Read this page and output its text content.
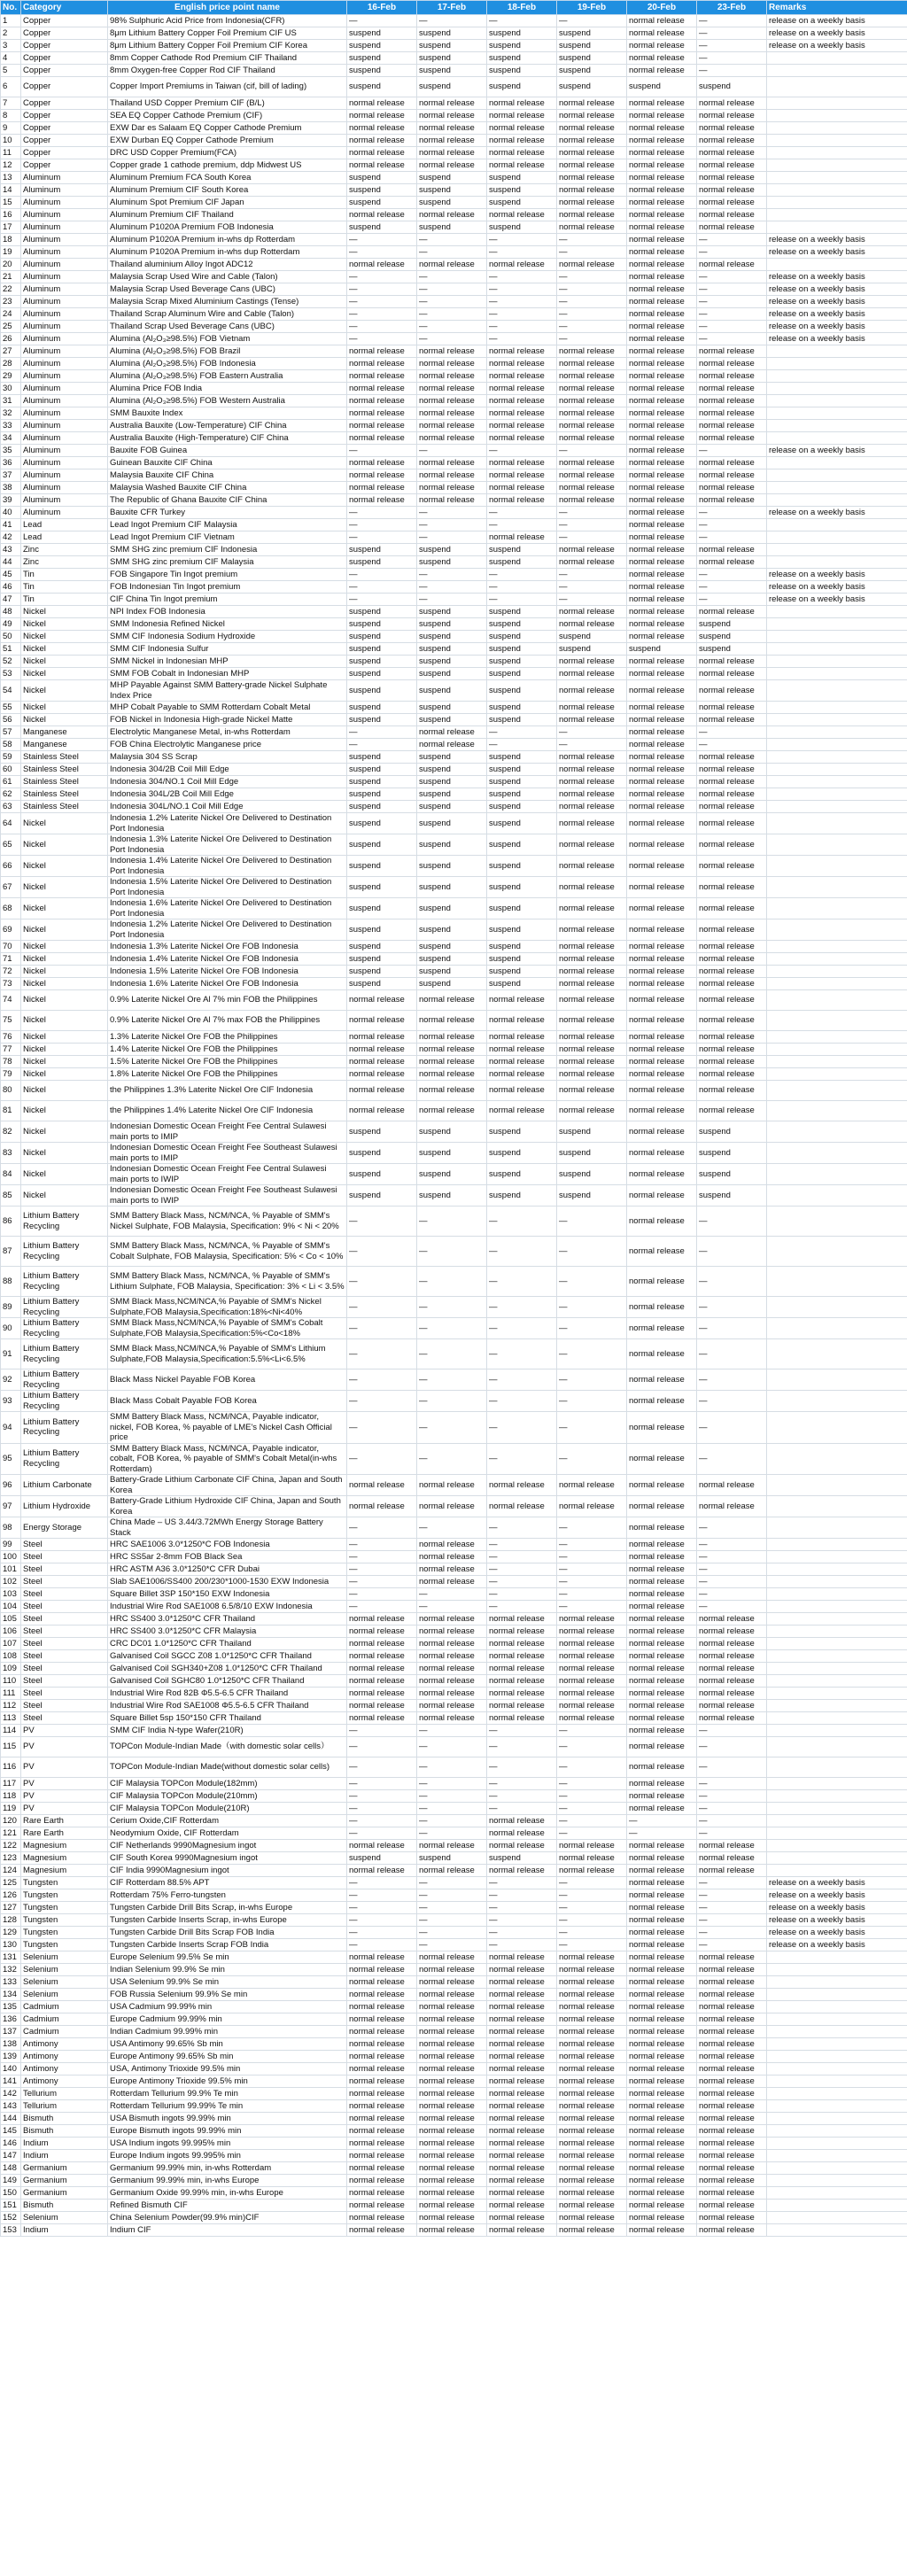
No.	Category	English price point name	16-Feb	17-Feb	18-Feb	19-Feb	20-Feb	23-Feb	Remarks
1	Copper	98% Sulphuric Acid Price from Indonesia(CFR)	—	—	—	—	normal release	—	release on a weekly basis
2	Copper	8μm Lithium Battery Copper Foil Premium CIF US	suspend	suspend	suspend	suspend	normal release	—	release on a weekly basis
3	Copper	8μm Lithium Battery Copper Foil Premium CIF Korea	suspend	suspend	suspend	suspend	normal release	—	release on a weekly basis
4	Copper	8mm Copper Cathode Rod Premium CIF Thailand	suspend	suspend	suspend	suspend	normal release	—	
5	Copper	8mm Oxygen-free Copper Rod CIF Thailand	suspend	suspend	suspend	suspend	normal release	—	
6	Copper	Copper Import Premiums in Taiwan (cif, bill of lading)	suspend	suspend	suspend	suspend	suspend	suspend	
7	Copper	Thailand USD Copper Premium CIF (B/L)	normal release	normal release	normal release	normal release	normal release	normal release	
8	Copper	SEA EQ Copper Cathode Premium (CIF)	normal release	normal release	normal release	normal release	normal release	normal release	
9	Copper	EXW Dar es Salaam EQ Copper Cathode Premium	normal release	normal release	normal release	normal release	normal release	normal release	
10	Copper	EXW Durban EQ Copper Cathode Premium	normal release	normal release	normal release	normal release	normal release	normal release	
11	Copper	DRC USD Copper Premium(FCA)	normal release	normal release	normal release	normal release	normal release	normal release	
12	Copper	Copper grade 1 cathode premium, ddp Midwest US	normal release	normal release	normal release	normal release	normal release	normal release	
13	Aluminum	Aluminum Premium FCA South Korea	suspend	suspend	suspend	normal release	normal release	normal release	
14	Aluminum	Aluminum Premium CIF South Korea	suspend	suspend	suspend	normal release	normal release	normal release	
15	Aluminum	Aluminum Spot Premium CIF Japan	suspend	suspend	suspend	normal release	normal release	normal release	
16	Aluminum	Aluminum Premium CIF Thailand	normal release	normal release	normal release	normal release	normal release	normal release	
17	Aluminum	Aluminum P1020A Premium FOB Indonesia	suspend	suspend	suspend	normal release	normal release	normal release	
18	Aluminum	Aluminum P1020A Premium in-whs dp Rotterdam	—	—	—	—	normal release	—	release on a weekly basis
19	Aluminum	Aluminum P1020A Premium in-whs dup Rotterdam	—	—	—	—	normal release	—	release on a weekly basis
20	Aluminum	Thailand aluminium Alloy Ingot ADC12	normal release	normal release	normal release	normal release	normal release	normal release	
21	Aluminum	Malaysia Scrap Used Wire and Cable (Talon)	—	—	—	—	normal release	—	release on a weekly basis
22	Aluminum	Malaysia Scrap Used Beverage Cans (UBC)	—	—	—	—	normal release	—	release on a weekly basis
23	Aluminum	Malaysia Scrap Mixed Aluminium Castings (Tense)	—	—	—	—	normal release	—	release on a weekly basis
24	Aluminum	Thailand Scrap Aluminum Wire and Cable (Talon)	—	—	—	—	normal release	—	release on a weekly basis
25	Aluminum	Thailand Scrap Used Beverage Cans (UBC)	—	—	—	—	normal release	—	release on a weekly basis
26	Aluminum	Alumina (Al₂O₃≥98.5%) FOB Vietnam	—	—	—	—	normal release	—	release on a weekly basis
27	Aluminum	Alumina (Al₂O₃≥98.5%) FOB Brazil	normal release	normal release	normal release	normal release	normal release	normal release	
28	Aluminum	Alumina (Al₂O₃≥98.5%) FOB Indonesia	normal release	normal release	normal release	normal release	normal release	normal release	
29	Aluminum	Alumina (Al₂O₃≥98.5%) FOB Eastern Australia	normal release	normal release	normal release	normal release	normal release	normal release	
30	Aluminum	Alumina Price FOB India	normal release	normal release	normal release	normal release	normal release	normal release	
31	Aluminum	Alumina (Al₂O₃≥98.5%) FOB Western Australia	normal release	normal release	normal release	normal release	normal release	normal release	
32	Aluminum	SMM Bauxite Index	normal release	normal release	normal release	normal release	normal release	normal release	
33	Aluminum	Australia Bauxite (Low-Temperature) CIF China	normal release	normal release	normal release	normal release	normal release	normal release	
34	Aluminum	Australia Bauxite (High-Temperature) CIF China	normal release	normal release	normal release	normal release	normal release	normal release	
35	Aluminum	Bauxite FOB Guinea	—	—	—	—	normal release	—	release on a weekly basis
36	Aluminum	Guinean Bauxite CIF China	normal release	normal release	normal release	normal release	normal release	normal release	
37	Aluminum	Malaysia Bauxite CIF China	normal release	normal release	normal release	normal release	normal release	normal release	
38	Aluminum	Malaysia Washed Bauxite CIF China	normal release	normal release	normal release	normal release	normal release	normal release	
39	Aluminum	The Republic of Ghana Bauxite CIF China	normal release	normal release	normal release	normal release	normal release	normal release	
40	Aluminum	Bauxite CFR Turkey	—	—	—	—	normal release	—	release on a weekly basis
41	Lead	Lead Ingot Premium CIF Malaysia	—	—	—	—	normal release	—	
42	Lead	Lead Ingot Premium CIF Vietnam	—	—	normal release	—	normal release	—	
43	Zinc	SMM SHG zinc premium CIF Indonesia	suspend	suspend	suspend	normal release	normal release	normal release	
44	Zinc	SMM SHG zinc premium CIF Malaysia	suspend	suspend	suspend	normal release	normal release	normal release	
45	Tin	FOB Singapore Tin Ingot premium	—	—	—	—	normal release	—	release on a weekly basis
46	Tin	FOB Indonesian Tin Ingot premium	—	—	—	—	normal release	—	release on a weekly basis
47	Tin	CIF China Tin Ingot premium	—	—	—	—	normal release	—	release on a weekly basis
48	Nickel	NPI Index FOB Indonesia	suspend	suspend	suspend	normal release	normal release	normal release	
49	Nickel	SMM Indonesia Refined Nickel	suspend	suspend	suspend	normal release	normal release	suspend	
50	Nickel	SMM CIF Indonesia Sodium Hydroxide	suspend	suspend	suspend	suspend	normal release	suspend	
51	Nickel	SMM CIF Indonesia Sulfur	suspend	suspend	suspend	suspend	suspend	suspend	
52	Nickel	SMM Nickel in Indonesian MHP	suspend	suspend	suspend	normal release	normal release	normal release	
53	Nickel	SMM FOB Cobalt in Indonesian MHP	suspend	suspend	suspend	normal release	normal release	normal release	
54	Nickel	MHP Payable Against SMM Battery-grade Nickel Sulphate Index Price	suspend	suspend	suspend	normal release	normal release	normal release	
55	Nickel	MHP Cobalt Payable to SMM Rotterdam Cobalt Metal	suspend	suspend	suspend	normal release	normal release	normal release	
56	Nickel	FOB Nickel in Indonesia High-grade Nickel Matte	suspend	suspend	suspend	normal release	normal release	normal release	
57	Manganese	Electrolytic Manganese Metal, in-whs Rotterdam	—	normal release	—	—	normal release	—	
58	Manganese	FOB China Electrolytic Manganese price	—	normal release	—	—	normal release	—	
59	Stainless Steel	Malaysia 304 SS Scrap	suspend	suspend	suspend	normal release	normal release	normal release	
60	Stainless Steel	Indonesia 304/2B Coil Mill Edge	suspend	suspend	suspend	normal release	normal release	normal release	
61	Stainless Steel	Indonesia 304/NO.1 Coil Mill Edge	suspend	suspend	suspend	normal release	normal release	normal release	
62	Stainless Steel	Indonesia 304L/2B Coil Mill Edge	suspend	suspend	suspend	normal release	normal release	normal release	
63	Stainless Steel	Indonesia 304L/NO.1 Coil Mill Edge	suspend	suspend	suspend	normal release	normal release	normal release	
64	Nickel	Indonesia 1.2% Laterite Nickel Ore Delivered to Destination Port Indonesia	suspend	suspend	suspend	normal release	normal release	normal release	
65	Nickel	Indonesia 1.3% Laterite Nickel Ore Delivered to Destination Port Indonesia	suspend	suspend	suspend	normal release	normal release	normal release	
66	Nickel	Indonesia 1.4% Laterite Nickel Ore Delivered to Destination Port Indonesia	suspend	suspend	suspend	normal release	normal release	normal release	
67	Nickel	Indonesia 1.5% Laterite Nickel Ore Delivered to Destination Port Indonesia	suspend	suspend	suspend	normal release	normal release	normal release	
68	Nickel	Indonesia 1.6% Laterite Nickel Ore Delivered to Destination Port Indonesia	suspend	suspend	suspend	normal release	normal release	normal release	
69	Nickel	Indonesia 1.2% Laterite Nickel Ore Delivered to Destination Port Indonesia	suspend	suspend	suspend	normal release	normal release	normal release	
70	Nickel	Indonesia 1.3% Laterite Nickel Ore FOB Indonesia	suspend	suspend	suspend	normal release	normal release	normal release	
71	Nickel	Indonesia 1.4% Laterite Nickel Ore FOB Indonesia	suspend	suspend	suspend	normal release	normal release	normal release	
72	Nickel	Indonesia 1.5% Laterite Nickel Ore FOB Indonesia	suspend	suspend	suspend	normal release	normal release	normal release	
73	Nickel	Indonesia 1.6% Laterite Nickel Ore FOB Indonesia	suspend	suspend	suspend	normal release	normal release	normal release	
74	Nickel	0.9% Laterite Nickel Ore Al 7% min FOB the Philippines	normal release	normal release	normal release	normal release	normal release	normal release	
75	Nickel	0.9% Laterite Nickel Ore Al 7% max FOB the Philippines	normal release	normal release	normal release	normal release	normal release	normal release	
76	Nickel	1.3% Laterite Nickel Ore FOB the Philippines	normal release	normal release	normal release	normal release	normal release	normal release	
77	Nickel	1.4% Laterite Nickel Ore FOB the Philippines	normal release	normal release	normal release	normal release	normal release	normal release	
78	Nickel	1.5% Laterite Nickel Ore FOB the Philippines	normal release	normal release	normal release	normal release	normal release	normal release	
79	Nickel	1.8% Laterite Nickel Ore FOB the Philippines	normal release	normal release	normal release	normal release	normal release	normal release	
80	Nickel	the Philippines 1.3% Laterite Nickel Ore CIF Indonesia	normal release	normal release	normal release	normal release	normal release	normal release	
81	Nickel	the Philippines 1.4% Laterite Nickel Ore CIF Indonesia	normal release	normal release	normal release	normal release	normal release	normal release	
82	Nickel	Indonesian Domestic Ocean Freight Fee Central Sulawesi main ports to IMIP	suspend	suspend	suspend	suspend	normal release	suspend	
83	Nickel	Indonesian Domestic Ocean Freight Fee Southeast Sulawesi main ports to IMIP	suspend	suspend	suspend	suspend	normal release	suspend	
84	Nickel	Indonesian Domestic Ocean Freight Fee Central Sulawesi main ports to IWIP	suspend	suspend	suspend	suspend	normal release	suspend	
85	Nickel	Indonesian Domestic Ocean Freight Fee Southeast Sulawesi main ports to IWIP	suspend	suspend	suspend	suspend	normal release	suspend	
86	Lithium Battery Recycling	SMM Battery Black Mass, NCM/NCA, % Payable of SMM's Nickel Sulphate, FOB Malaysia, Specification: 9% < Ni < 20%	—	—	—	—	normal release	—	
87	Lithium Battery Recycling	SMM Battery Black Mass, NCM/NCA, % Payable of SMM's Cobalt Sulphate, FOB Malaysia, Specification: 5% < Co < 10%	—	—	—	—	normal release	—	
88	Lithium Battery Recycling	SMM Battery Black Mass, NCM/NCA, % Payable of SMM's Lithium Sulphate, FOB Malaysia, Specification: 3% < Li < 3.5%	—	—	—	—	normal release	—	
89	Lithium Battery Recycling	SMM Black Mass,NCM/NCA,% Payable of SMM's Nickel Sulphate,FOB Malaysia,Specification:18%<Ni<40%	—	—	—	—	normal release	—	
90	Lithium Battery Recycling	SMM Black Mass,NCM/NCA,% Payable of SMM's Cobalt Sulphate,FOB Malaysia,Specification:5%<Co<18%	—	—	—	—	normal release	—	
91	Lithium Battery Recycling	SMM Black Mass,NCM/NCA,% Payable of SMM's Lithium Sulphate,FOB Malaysia,Specification:5.5%<Li<6.5%	—	—	—	—	normal release	—	
92	Lithium Battery Recycling	Black Mass Nickel Payable FOB Korea	—	—	—	—	normal release	—	
93	Lithium Battery Recycling	Black Mass Cobalt Payable FOB Korea	—	—	—	—	normal release	—	
94	Lithium Battery Recycling	SMM Battery Black Mass, NCM/NCA, Payable indicator, nickel, FOB Korea, % payable of LME's Nickel Cash Official price	—	—	—	—	normal release	—	
95	Lithium Battery Recycling	SMM Battery Black Mass, NCM/NCA, Payable indicator, cobalt, FOB Korea, % payable of SMM's Cobalt Metal(in-whs Rotterdam)	—	—	—	—	normal release	—	
96	Lithium Carbonate	Battery-Grade Lithium Carbonate CIF China, Japan and South Korea	normal release	normal release	normal release	normal release	normal release	normal release	
97	Lithium Hydroxide	Battery-Grade Lithium Hydroxide CIF China, Japan and South Korea	normal release	normal release	normal release	normal release	normal release	normal release	
98	Energy Storage	China Made – US 3.44/3.72MWh Energy Storage Battery Stack	—	—	—	—	normal release	—	
99	Steel	HRC SAE1006 3.0*1250*C FOB Indonesia	—	normal release	—	—	normal release	—	
100	Steel	HRC SS5ar 2-8mm FOB Black Sea	—	normal release	—	—	normal release	—	
101	Steel	HRC ASTM A36 3.0*1250*C CFR Dubai	—	normal release	—	—	normal release	—	
102	Steel	Slab SAE1006/SS400 200/230*1000-1530 EXW Indonesia	—	normal release	—	—	normal release	—	
103	Steel	Square Billet 3SP 150*150 EXW Indonesia	—	—	—	—	normal release	—	
104	Steel	Industrial Wire Rod SAE1008 6.5/8/10 EXW Indonesia	—	—	—	—	normal release	—	
105	Steel	HRC SS400 3.0*1250*C CFR Thailand	normal release	normal release	normal release	normal release	normal release	normal release	
106	Steel	HRC SS400 3.0*1250*C CFR Malaysia	normal release	normal release	normal release	normal release	normal release	normal release	
107	Steel	CRC DC01 1.0*1250*C CFR Thailand	normal release	normal release	normal release	normal release	normal release	normal release	
108	Steel	Galvanised Coil SGCC Z08 1.0*1250*C CFR Thailand	normal release	normal release	normal release	normal release	normal release	normal release	
109	Steel	Galvanised Coil SGH340+Z08 1.0*1250*C CFR Thailand	normal release	normal release	normal release	normal release	normal release	normal release	
110	Steel	Galvanised Coil SGHC80 1.0*1250*C CFR Thailand	normal release	normal release	normal release	normal release	normal release	normal release	
111	Steel	Industrial Wire Rod 82B Φ5.5-6.5 CFR Thailand	normal release	normal release	normal release	normal release	normal release	normal release	
112	Steel	Industrial Wire Rod SAE1008 Φ5.5-6.5 CFR Thailand	normal release	normal release	normal release	normal release	normal release	normal release	
113	Steel	Square Billet 5sp 150*150 CFR Thailand	normal release	normal release	normal release	normal release	normal release	normal release	
114	PV	SMM CIF India N-type Wafer(210R)	—	—	—	—	normal release	—	
115	PV	TOPCon Module-Indian Made（with domestic solar cells）	—	—	—	—	normal release	—	
116	PV	TOPCon Module-Indian Made(without domestic solar cells)	—	—	—	—	normal release	—	
117	PV	CIF Malaysia TOPCon Module(182mm)	—	—	—	—	normal release	—	
118	PV	CIF Malaysia TOPCon Module(210mm)	—	—	—	—	normal release	—	
119	PV	CIF Malaysia TOPCon Module(210R)	—	—	—	—	normal release	—	
120	Rare Earth	Cerium Oxide,CIF Rotterdam	—	—	normal release	—	—	—	
121	Rare Earth	Neodymium Oxide, CIF Rotterdam	—	—	normal release	—	—	—	
122	Magnesium	CIF Netherlands 9990Magnesium ingot	normal release	normal release	normal release	normal release	normal release	normal release	
123	Magnesium	CIF South Korea 9990Magnesium ingot	suspend	suspend	suspend	normal release	normal release	normal release	
124	Magnesium	CIF India 9990Magnesium ingot	normal release	normal release	normal release	normal release	normal release	normal release	
125	Tungsten	CIF Rotterdam 88.5% APT	—	—	—	—	normal release	—	release on a weekly basis
126	Tungsten	Rotterdam 75% Ferro-tungsten	—	—	—	—	normal release	—	release on a weekly basis
127	Tungsten	Tungsten Carbide Drill Bits Scrap, in-whs Europe	—	—	—	—	normal release	—	release on a weekly basis
128	Tungsten	Tungsten Carbide Inserts Scrap, in-whs Europe	—	—	—	—	normal release	—	release on a weekly basis
129	Tungsten	Tungsten Carbide Drill Bits Scrap FOB India	—	—	—	—	normal release	—	release on a weekly basis
130	Tungsten	Tungsten Carbide Inserts Scrap FOB India	—	—	—	—	normal release	—	release on a weekly basis
131	Selenium	Europe Selenium 99.5% Se min	normal release	normal release	normal release	normal release	normal release	normal release	
132	Selenium	Indian Selenium 99.9% Se min	normal release	normal release	normal release	normal release	normal release	normal release	
133	Selenium	USA Selenium 99.9% Se min	normal release	normal release	normal release	normal release	normal release	normal release	
134	Selenium	FOB Russia Selenium 99.9% Se min	normal release	normal release	normal release	normal release	normal release	normal release	
135	Cadmium	USA Cadmium 99.99% min	normal release	normal release	normal release	normal release	normal release	normal release	
136	Cadmium	Europe Cadmium 99.99% min	normal release	normal release	normal release	normal release	normal release	normal release	
137	Cadmium	Indian Cadmium 99.99% min	normal release	normal release	normal release	normal release	normal release	normal release	
138	Antimony	USA Antimony 99.65% Sb min	normal release	normal release	normal release	normal release	normal release	normal release	
139	Antimony	Europe Antimony 99.65% Sb min	normal release	normal release	normal release	normal release	normal release	normal release	
140	Antimony	USA, Antimony Trioxide 99.5% min	normal release	normal release	normal release	normal release	normal release	normal release	
141	Antimony	Europe Antimony Trioxide 99.5% min	normal release	normal release	normal release	normal release	normal release	normal release	
142	Tellurium	Rotterdam Tellurium 99.9% Te min	normal release	normal release	normal release	normal release	normal release	normal release	
143	Tellurium	Rotterdam Tellurium 99.99% Te min	normal release	normal release	normal release	normal release	normal release	normal release	
144	Bismuth	USA Bismuth ingots 99.99% min	normal release	normal release	normal release	normal release	normal release	normal release	
145	Bismuth	Europe Bismuth ingots 99.99% min	normal release	normal release	normal release	normal release	normal release	normal release	
146	Indium	USA Indium ingots 99.995% min	normal release	normal release	normal release	normal release	normal release	normal release	
147	Indium	Europe Indium ingots 99.995% min	normal release	normal release	normal release	normal release	normal release	normal release	
148	Germanium	Germanium 99.99% min, in-whs Rotterdam	normal release	normal release	normal release	normal release	normal release	normal release	
149	Germanium	Germanium 99.99% min, in-whs Europe	normal release	normal release	normal release	normal release	normal release	normal release	
150	Germanium	Germanium Oxide 99.99% min, in-whs Europe	normal release	normal release	normal release	normal release	normal release	normal release	
151	Bismuth	Refined Bismuth CIF	normal release	normal release	normal release	normal release	normal release	normal release	
152	Selenium	China Selenium Powder(99.9% min)CIF	normal release	normal release	normal release	normal release	normal release	normal release	
153	Indium	Indium CIF	normal release	normal release	normal release	normal release	normal release	normal release	
